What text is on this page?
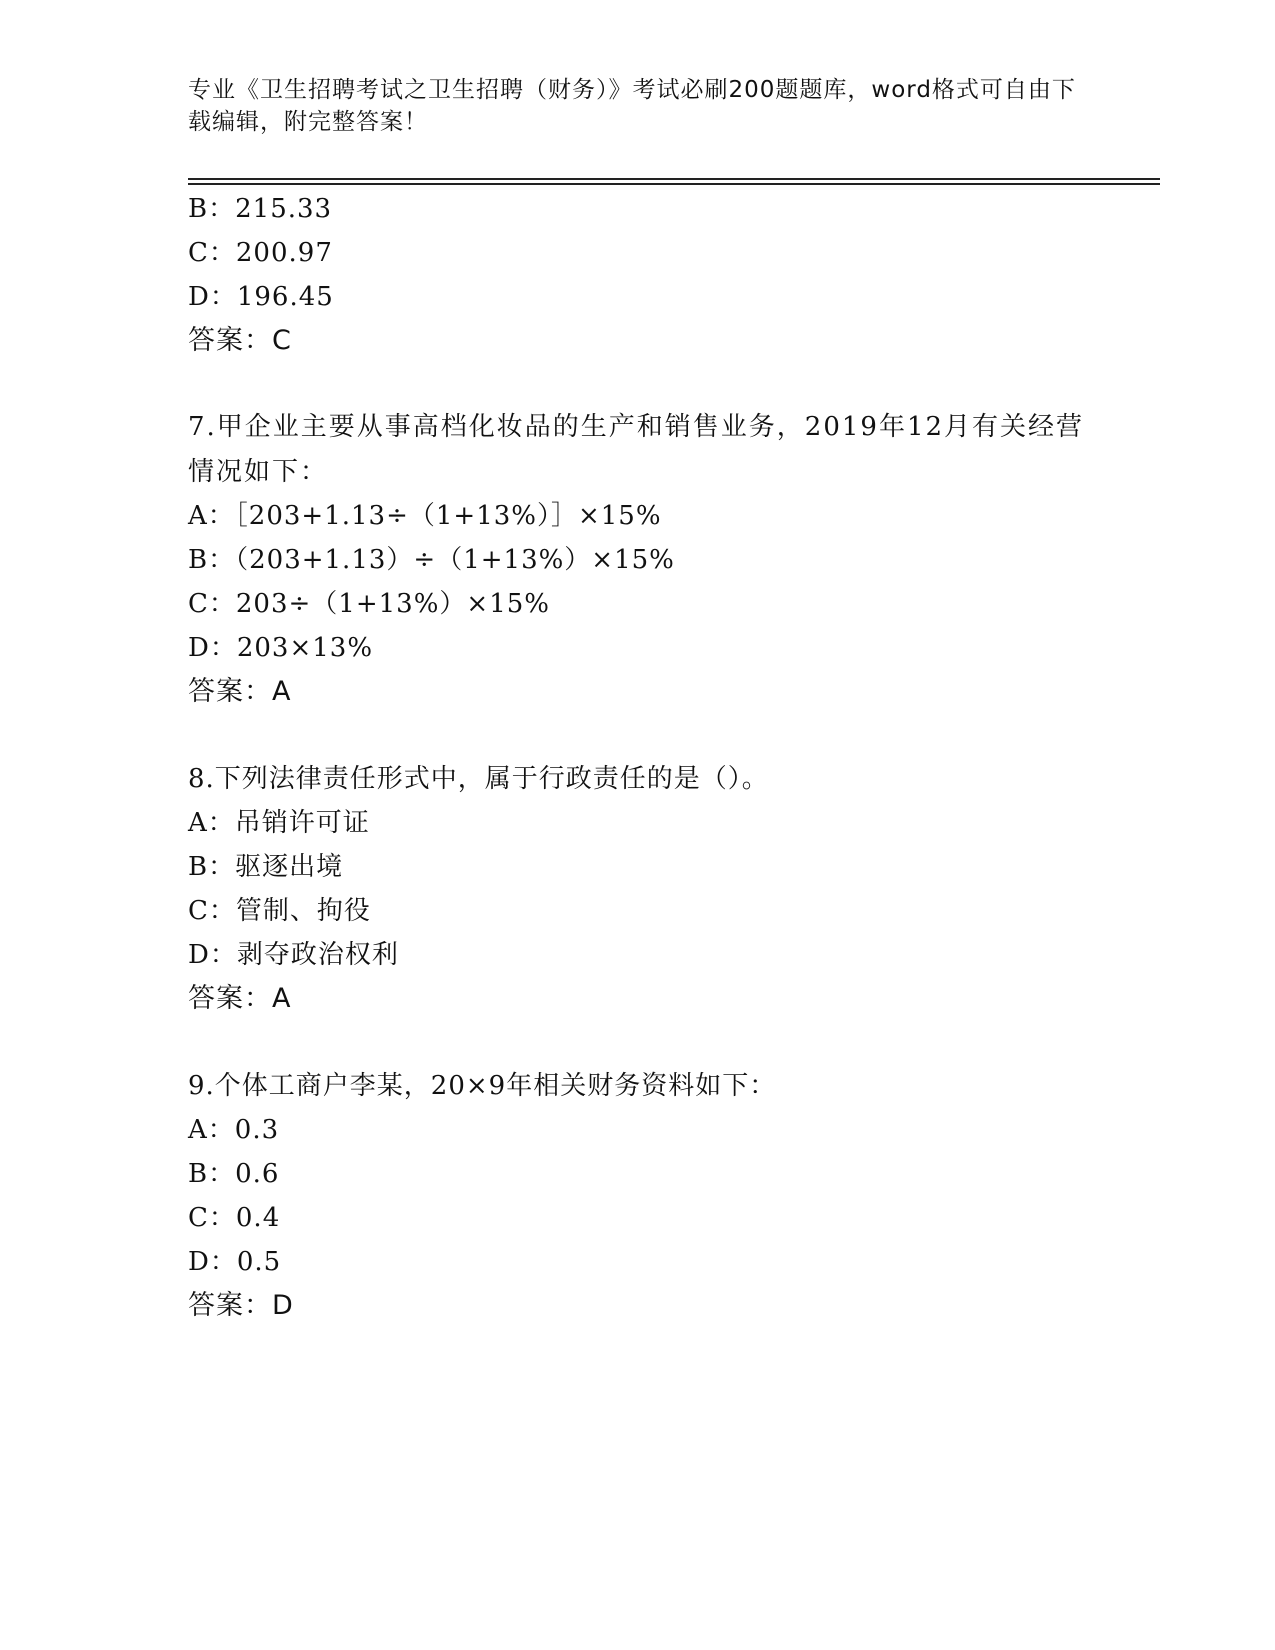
专业《卫生招聘考试之卫生招聘（财务）》考试必刷200题题库，word格式可自由下载编辑，附完整答案！
B：215.33
C：200.97
D：196.45
答案：C
7.甲企业主要从事高档化妆品的生产和销售业务，2019年12月有关经营情况如下：
A：［203+1.13÷（1+13%）］×15%
B：（203+1.13）÷（1+13%）×15%
C：203÷（1+13%）×15%
D：203×13%
答案：A
8.下列法律责任形式中，属于行政责任的是（）。
A：吊销许可证
B：驱逐出境
C：管制、拘役
D：剥夺政治权利
答案：A
9.个体工商户李某，20×9年相关财务资料如下：
A：0.3
B：0.6
C：0.4
D：0.5
答案：D
